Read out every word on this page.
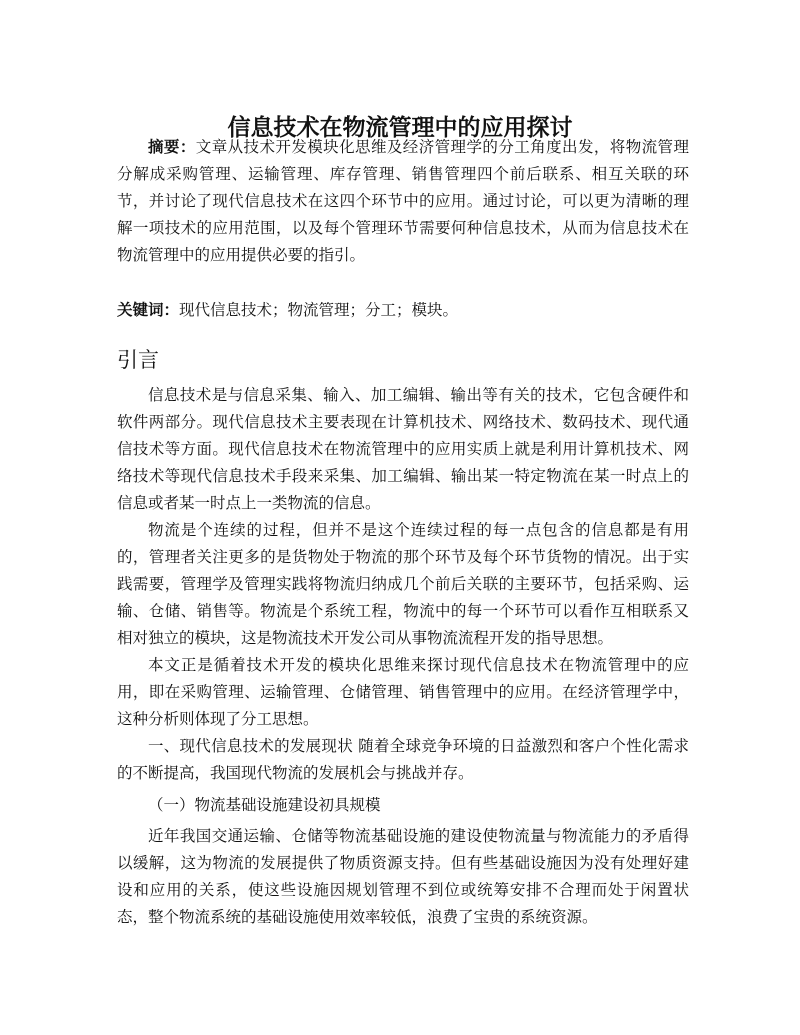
信息技术在物流管理中的应用探讨

摘要：文章从技术开发模块化思维及经济管理学的分工角度出发，将物流管理分解成采购管理、运输管理、库存管理、销售管理四个前后联系、相互关联的环节，并讨论了现代信息技术在这四个环节中的应用。通过讨论，可以更为清晰的理解一项技术的应用范围，以及每个管理环节需要何种信息技术，从而为信息技术在物流管理中的应用提供必要的指引。

关键词：现代信息技术；物流管理；分工；模块。

引言

信息技术是与信息采集、输入、加工编辑、输出等有关的技术，它包含硬件和软件两部分。现代信息技术主要表现在计算机技术、网络技术、数码技术、现代通信技术等方面。现代信息技术在物流管理中的应用实质上就是利用计算机技术、网络技术等现代信息技术手段来采集、加工编辑、输出某一特定物流在某一时点上的信息或者某一时点上一类物流的信息。

物流是个连续的过程，但并不是这个连续过程的每一点包含的信息都是有用的，管理者关注更多的是货物处于物流的那个环节及每个环节货物的情况。出于实践需要，管理学及管理实践将物流归纳成几个前后关联的主要环节，包括采购、运输、仓储、销售等。物流是个系统工程，物流中的每一个环节可以看作互相联系又相对独立的模块，这是物流技术开发公司从事物流流程开发的指导思想。

本文正是循着技术开发的模块化思维来探讨现代信息技术在物流管理中的应用，即在采购管理、运输管理、仓储管理、销售管理中的应用。在经济管理学中，这种分析则体现了分工思想。

一、现代信息技术的发展现状 随着全球竞争环境的日益激烈和客户个性化需求的不断提高，我国现代物流的发展机会与挑战并存。

（一）物流基础设施建设初具规模

近年我国交通运输、仓储等物流基础设施的建设使物流量与物流能力的矛盾得以缓解，这为物流的发展提供了物质资源支持。但有些基础设施因为没有处理好建设和应用的关系，使这些设施因规划管理不到位或统筹安排不合理而处于闲置状态，整个物流系统的基础设施使用效率较低，浪费了宝贵的系统资源。
